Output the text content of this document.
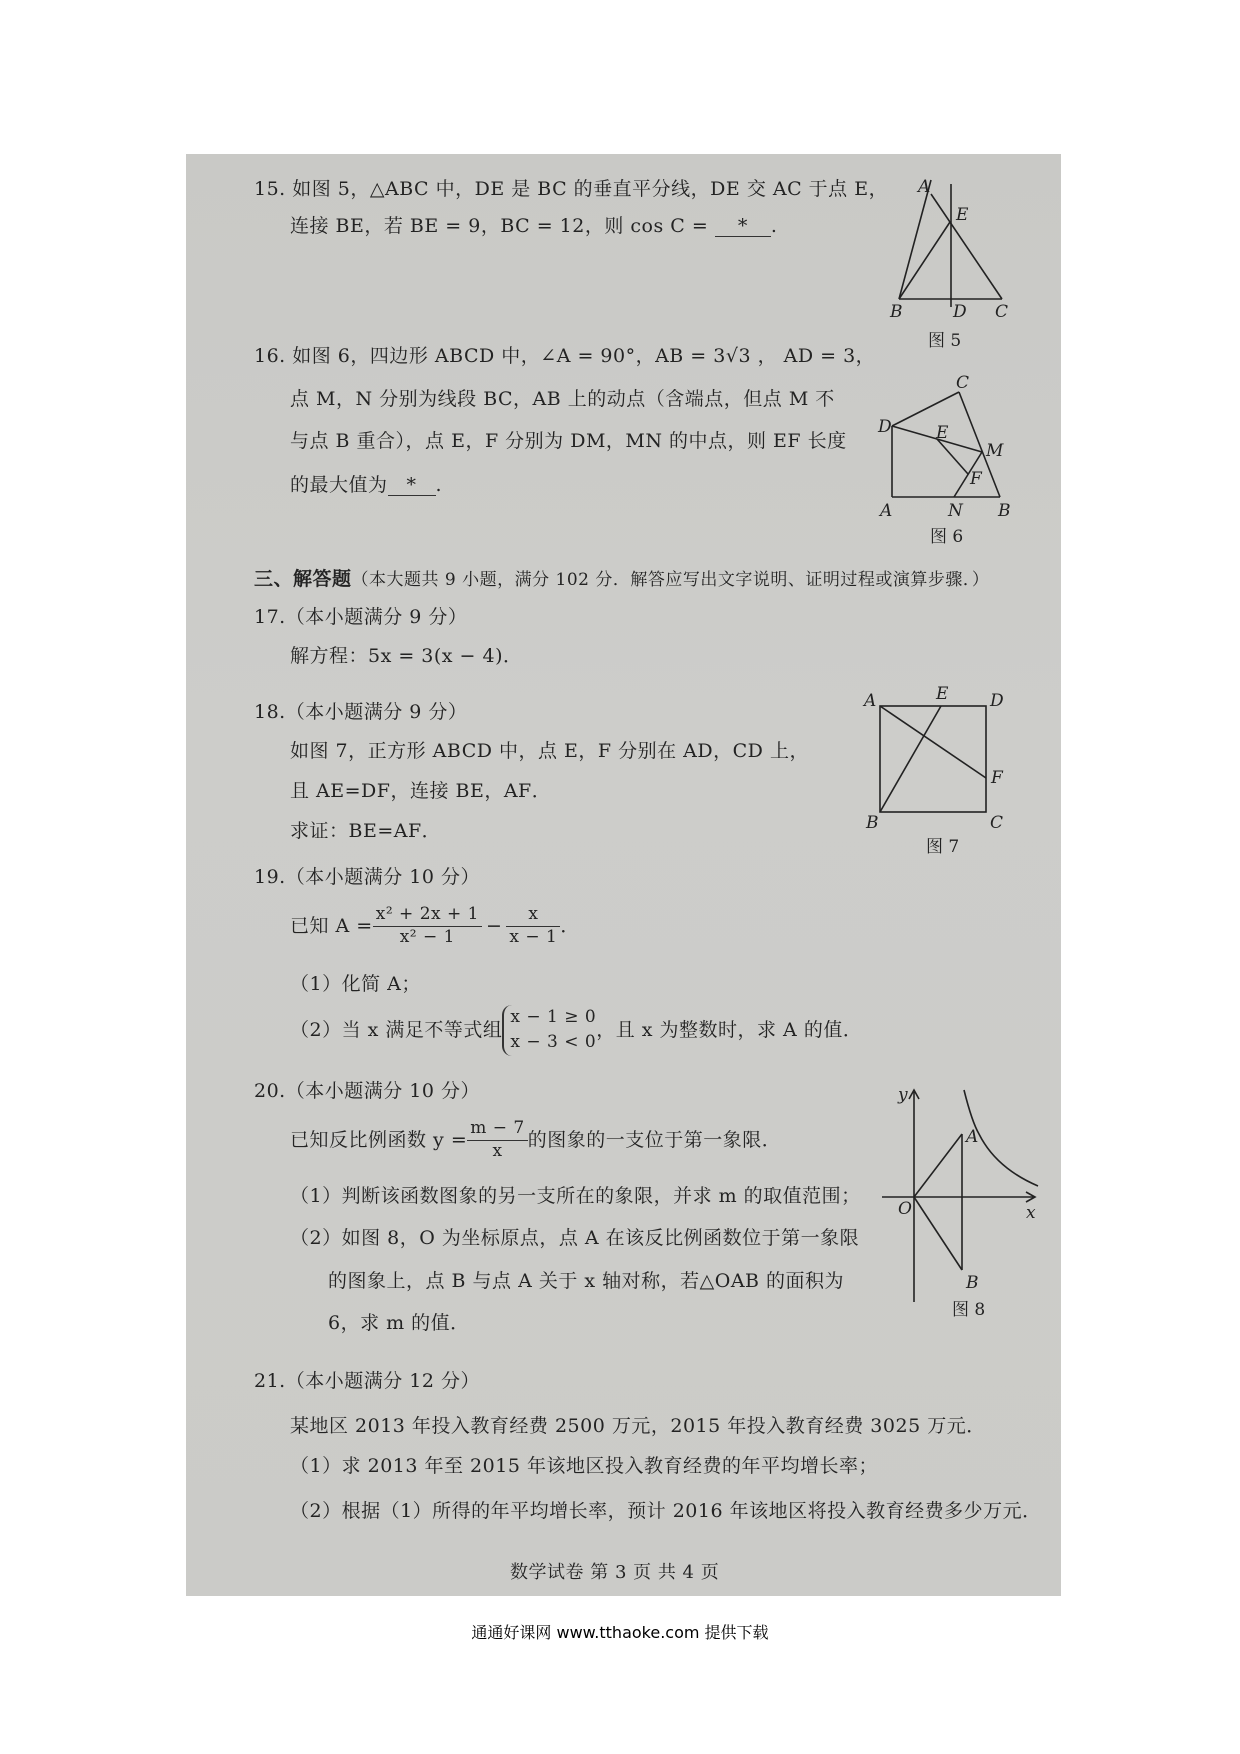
15. 如图 5，△ABC 中，DE 是 BC 的垂直平分线，DE 交 AC 于点 E，
连接 BE，若 BE = 9，BC = 12，则 cos C = * .
A
E
B	D C
图 5
16. 如图 6，四边形 ABCD 中，∠A = 90°，AB = 3√3 ， AD = 3，
点 M，N 分别为线段 BC，AB 上的动点（含端点，但点 M 不
与点 B 重合），点 E，F 分别为 DM，MN 的中点，则 EF 长度
的最大值为 * .
D
C
E
M
F
A	N B
图 6
三、解答题（本大题共 9 小题，满分 102 分．解答应写出文字说明、证明过程或演算步骤．）
17.（本小题满分 9 分）
解方程：5x = 3(x − 4)．
18.（本小题满分 9 分）
如图 7，正方形 ABCD 中，点 E，F 分别在 AD，CD 上，
且 AE=DF，连接 BE，AF．
求证：BE=AF．
A	E D
F
B	C
图 7
19.（本小题满分 10 分）
已知 $A = \frac{\text{x² + 2x + 1}}{\text{x² − 1}} - \frac{x}{x - 1}$ ．
（1）化简 A；
（2）当 x 满足不等式组
x − 1 ≥ 0
x − 3 < 0
，且 x 为整数时，求 A 的值．
20.（本小题满分 10 分）
已知反比例函数 $y = \frac{m - 7}{x}$ 的图象的一支位于第一象限．
（1）判断该函数图象的另一支所在的象限，并求 m 的取值范围；
（2）如图 8，O 为坐标原点，点 A 在该反比例函数位于第一象限
的图象上，点 B 与点 A 关于 x 轴对称，若△OAB 的面积为
6，求 m 的值．
y
A
O	x
B
图 8
21.（本小题满分 12 分）
某地区 2013 年投入教育经费 2500 万元，2015 年投入教育经费 3025 万元．
（1）求 2013 年至 2015 年该地区投入教育经费的年平均增长率；
（2）根据（1）所得的年平均增长率，预计 2016 年该地区将投入教育经费多少万元．
数学试卷 第 3 页 共 4 页
通通好课网 www.tthaoke.com 提供下载
